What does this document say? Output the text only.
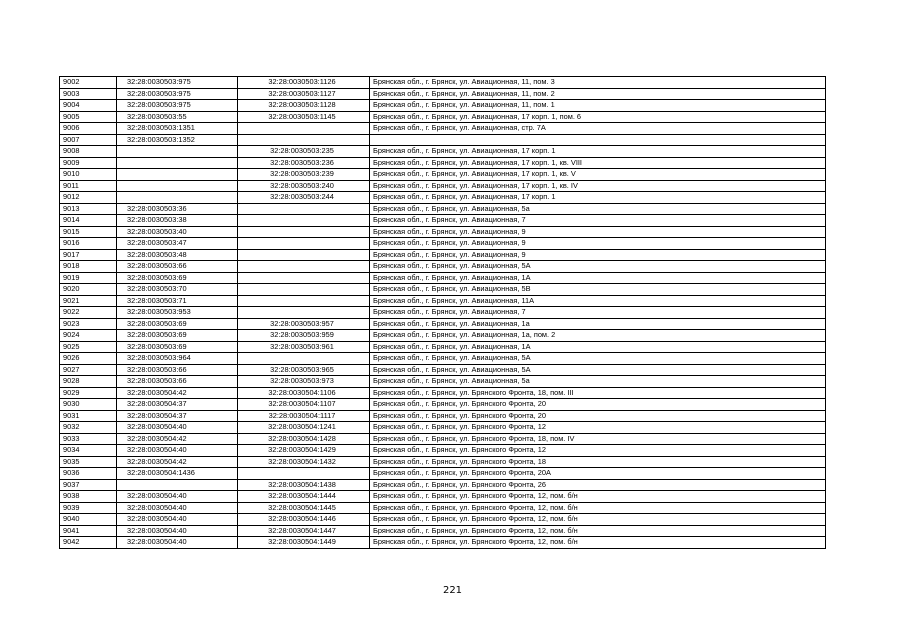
9002	32:28:0030503:975	32:28:0030503:1126	Брянская обл., г. Брянск, ул. Авиационная, 11, пом. 3
9003	32:28:0030503:975	32:28:0030503:1127	Брянская обл., г. Брянск, ул. Авиационная, 11, пом. 2
9004	32:28:0030503:975	32:28:0030503:1128	Брянская обл., г. Брянск, ул. Авиационная, 11, пом. 1
9005	32:28:0030503:55	32:28:0030503:1145	Брянская обл., г. Брянск, ул. Авиационная, 17 корп. 1, пом. 6
9006	32:28:0030503:1351		Брянская обл., г. Брянск, ул. Авиационная, стр. 7А
9007	32:28:0030503:1352		
9008		32:28:0030503:235	Брянская обл., г. Брянск, ул. Авиационная, 17 корп. 1
9009		32:28:0030503:236	Брянская обл., г. Брянск, ул. Авиационная, 17 корп. 1, кв. VIII
9010		32:28:0030503:239	Брянская обл., г. Брянск, ул. Авиационная, 17 корп. 1, кв. V
9011		32:28:0030503:240	Брянская обл., г. Брянск, ул. Авиационная, 17 корп. 1, кв. IV
9012		32:28:0030503:244	Брянская обл., г. Брянск, ул. Авиационная, 17 корп. 1
9013	32:28:0030503:36		Брянская обл., г. Брянск, ул. Авиационная, 5а
9014	32:28:0030503:38		Брянская обл., г. Брянск, ул. Авиационная, 7
9015	32:28:0030503:40		Брянская обл., г. Брянск, ул. Авиационная, 9
9016	32:28:0030503:47		Брянская обл., г. Брянск, ул. Авиационная, 9
9017	32:28:0030503:48		Брянская обл., г. Брянск, ул. Авиационная, 9
9018	32:28:0030503:66		Брянская обл., г. Брянск, ул. Авиационная, 5А
9019	32:28:0030503:69		Брянская обл., г. Брянск, ул. Авиационная, 1А
9020	32:28:0030503:70		Брянская обл., г. Брянск, ул. Авиационная, 5В
9021	32:28:0030503:71		Брянская обл., г. Брянск, ул. Авиационная, 11А
9022	32:28:0030503:953		Брянская обл., г. Брянск, ул. Авиационная, 7
9023	32:28:0030503:69	32:28:0030503:957	Брянская обл., г. Брянск, ул. Авиационная, 1а
9024	32:28:0030503:69	32:28:0030503:959	Брянская обл., г. Брянск, ул. Авиационная, 1а, пом. 2
9025	32:28:0030503:69	32:28:0030503:961	Брянская обл., г. Брянск, ул. Авиационная, 1А
9026	32:28:0030503:964		Брянская обл., г. Брянск, ул. Авиационная, 5А
9027	32:28:0030503:66	32:28:0030503:965	Брянская обл., г. Брянск, ул. Авиационная, 5А
9028	32:28:0030503:66	32:28:0030503:973	Брянская обл., г. Брянск, ул. Авиационная, 5а
9029	32:28:0030504:42	32:28:0030504:1106	Брянская обл., г. Брянск, ул. Брянского Фронта, 18, пом. III
9030	32:28:0030504:37	32:28:0030504:1107	Брянская обл., г. Брянск, ул. Брянского Фронта, 20
9031	32:28:0030504:37	32:28:0030504:1117	Брянская обл., г. Брянск, ул. Брянского Фронта, 20
9032	32:28:0030504:40	32:28:0030504:1241	Брянская обл., г. Брянск, ул. Брянского Фронта, 12
9033	32:28:0030504:42	32:28:0030504:1428	Брянская обл., г. Брянск, ул. Брянского Фронта, 18, пом. IV
9034	32:28:0030504:40	32:28:0030504:1429	Брянская обл., г. Брянск, ул. Брянского Фронта, 12
9035	32:28:0030504:42	32:28:0030504:1432	Брянская обл., г. Брянск, ул. Брянского Фронта, 18
9036	32:28:0030504:1436		Брянская обл., г. Брянск, ул. Брянского Фронта, 20А
9037		32:28:0030504:1438	Брянская обл., г. Брянск, ул. Брянского Фронта, 26
9038	32:28:0030504:40	32:28:0030504:1444	Брянская обл., г. Брянск, ул. Брянского Фронта, 12, пом. б/н
9039	32:28:0030504:40	32:28:0030504:1445	Брянская обл., г. Брянск, ул. Брянского Фронта, 12, пом. б/н
9040	32:28:0030504:40	32:28:0030504:1446	Брянская обл., г. Брянск, ул. Брянского Фронта, 12, пом. б/н
9041	32:28:0030504:40	32:28:0030504:1447	Брянская обл., г. Брянск, ул. Брянского Фронта, 12, пом. б/н
9042	32:28:0030504:40	32:28:0030504:1449	Брянская обл., г. Брянск, ул. Брянского Фронта, 12, пом. б/н
221
